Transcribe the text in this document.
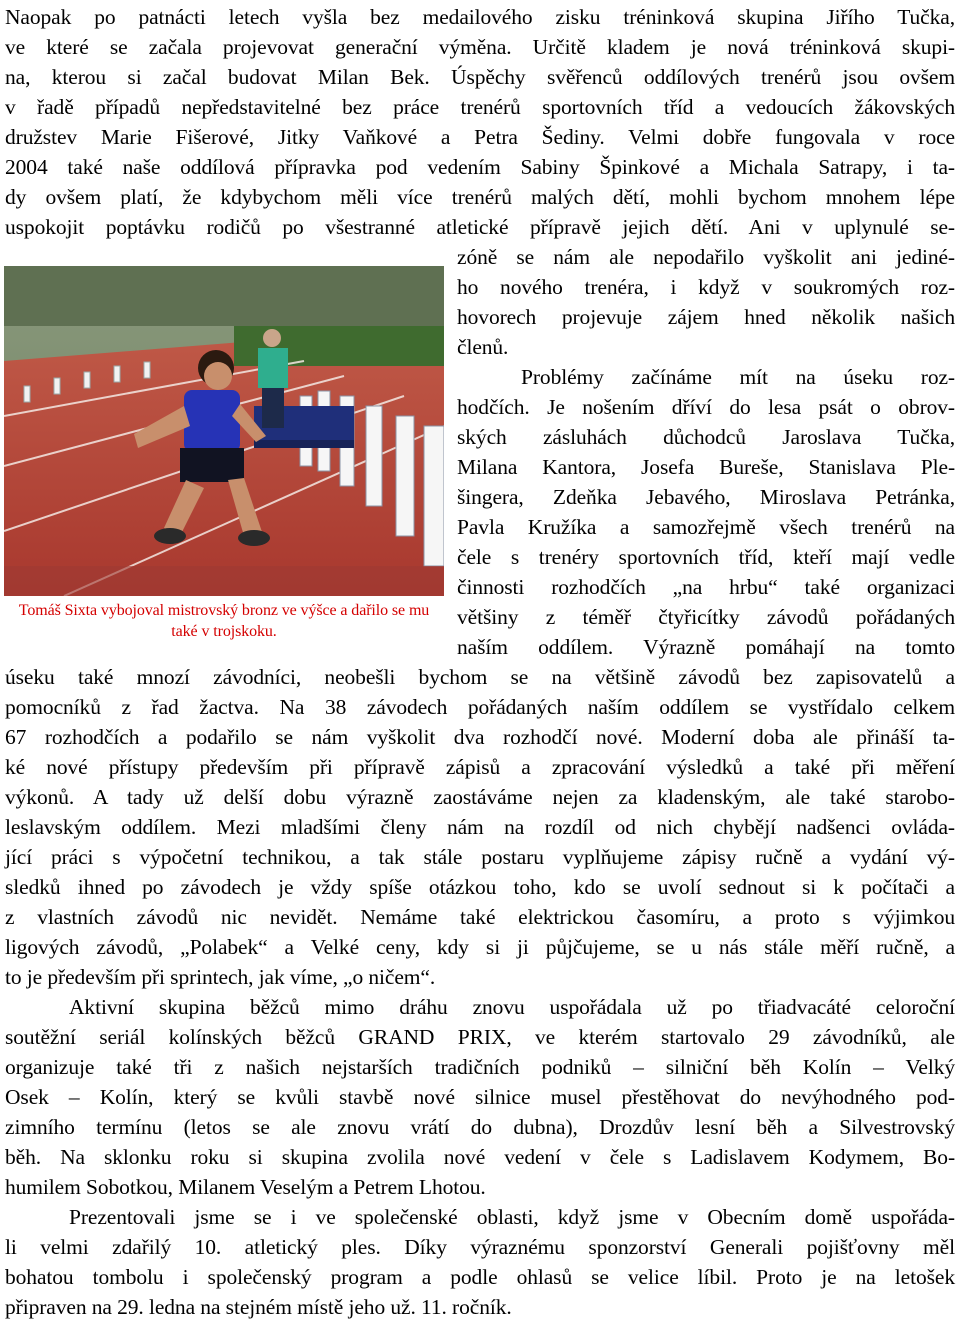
Naopak po patnácti letech vyšla bez medailového zisku tréninková skupina Jiřího Tučka,
ve které se začala projevovat generační výměna. Určitě kladem je nová tréninková skupi-
na, kterou si začal budovat Milan Bek. Úspěchy svěřenců oddílových trenérů jsou ovšem
v řadě případů nepředstavitelné bez práce trenérů sportovních tříd a vedoucích žákovských
družstev Marie Fišerové, Jitky Vaňkové a Petra Šediny. Velmi dobře fungovala v roce
2004 také naše oddílová přípravka pod vedením Sabiny Špinkové a Michala Satrapy, i ta-
dy ovšem platí, že kdybychom měli více trenérů malých dětí, mohli bychom mnohem lépe
uspokojit poptávku rodičů po všestranné atletické přípravě jejich dětí. Ani v uplynulé se-
zóně se nám ale nepodařilo vyškolit ani jediné-
ho nového trenéra, i když v soukromých roz-
hovorech projevuje zájem hned několik našich
členů.
Problémy začínáme mít na úseku roz-
hodčích. Je nošením dříví do lesa psát o obrov-
ských zásluhách důchodců Jaroslava Tučka,
Milana Kantora, Josefa Bureše, Stanislava Ple-
šingera, Zdeňka Jebavého, Miroslava Petránka,
Pavla Kružíka a samozřejmě všech trenérů na
čele s trenéry sportovních tříd, kteří mají vedle
činnosti rozhodčích „na hrbu“ také organizaci
většiny z téměř čtyřicítky závodů pořádaných
naším oddílem. Výrazně pomáhají na tomto
Tomáš Sixta vybojoval mistrovský bronz ve výšce a dařilo se mu také v trojskoku.
úseku také mnozí závodníci, neobešli bychom se na většině závodů bez zapisovatelů a
pomocníků z řad žactva. Na 38 závodech pořádaných naším oddílem se vystřídalo celkem
67 rozhodčích a podařilo se nám vyškolit dva rozhodčí nové. Moderní doba ale přináší ta-
ké nové přístupy především při přípravě zápisů a zpracování výsledků a také při měření
výkonů. A tady už delší dobu výrazně zaostáváme nejen za kladenským, ale také starobo-
leslavským oddílem. Mezi mladšími členy nám na rozdíl od nich chybějí nadšenci ovláda-
jící práci s výpočetní technikou, a tak stále postaru vyplňujeme zápisy ručně a vydání vý-
sledků ihned po závodech je vždy spíše otázkou toho, kdo se uvolí sednout si k počítači a
z vlastních závodů nic nevidět. Nemáme také elektrickou časomíru, a proto s výjimkou
ligových závodů, „Polabek“ a Velké ceny, kdy si ji půjčujeme, se u nás stále měří ručně, a
to je především při sprintech, jak víme, „o ničem“.
Aktivní skupina běžců mimo dráhu znovu uspořádala už po třiadvacáté celoroční
soutěžní seriál kolínských běžců GRAND PRIX, ve kterém startovalo 29 závodníků, ale
organizuje také tři z našich nejstarších tradičních podniků – silniční běh Kolín – Velký
Osek – Kolín, který se kvůli stavbě nové silnice musel přestěhovat do nevýhodného pod-
zimního termínu (letos se ale znovu vrátí do dubna), Drozdův lesní běh a Silvestrovský
běh. Na sklonku roku si skupina zvolila nové vedení v čele s Ladislavem Kodymem, Bo-
humilem Sobotkou, Milanem Veselým a Petrem Lhotou.
Prezentovali jsme se i ve společenské oblasti, když jsme v Obecním domě uspořáda-
li velmi zdařilý 10. atletický ples. Díky výraznému sponzorství Generali pojišťovny měl
bohatou tombolu i společenský program a podle ohlasů se velice líbil. Proto je na letošek
připraven na 29. ledna na stejném místě jeho už. 11. ročník.
